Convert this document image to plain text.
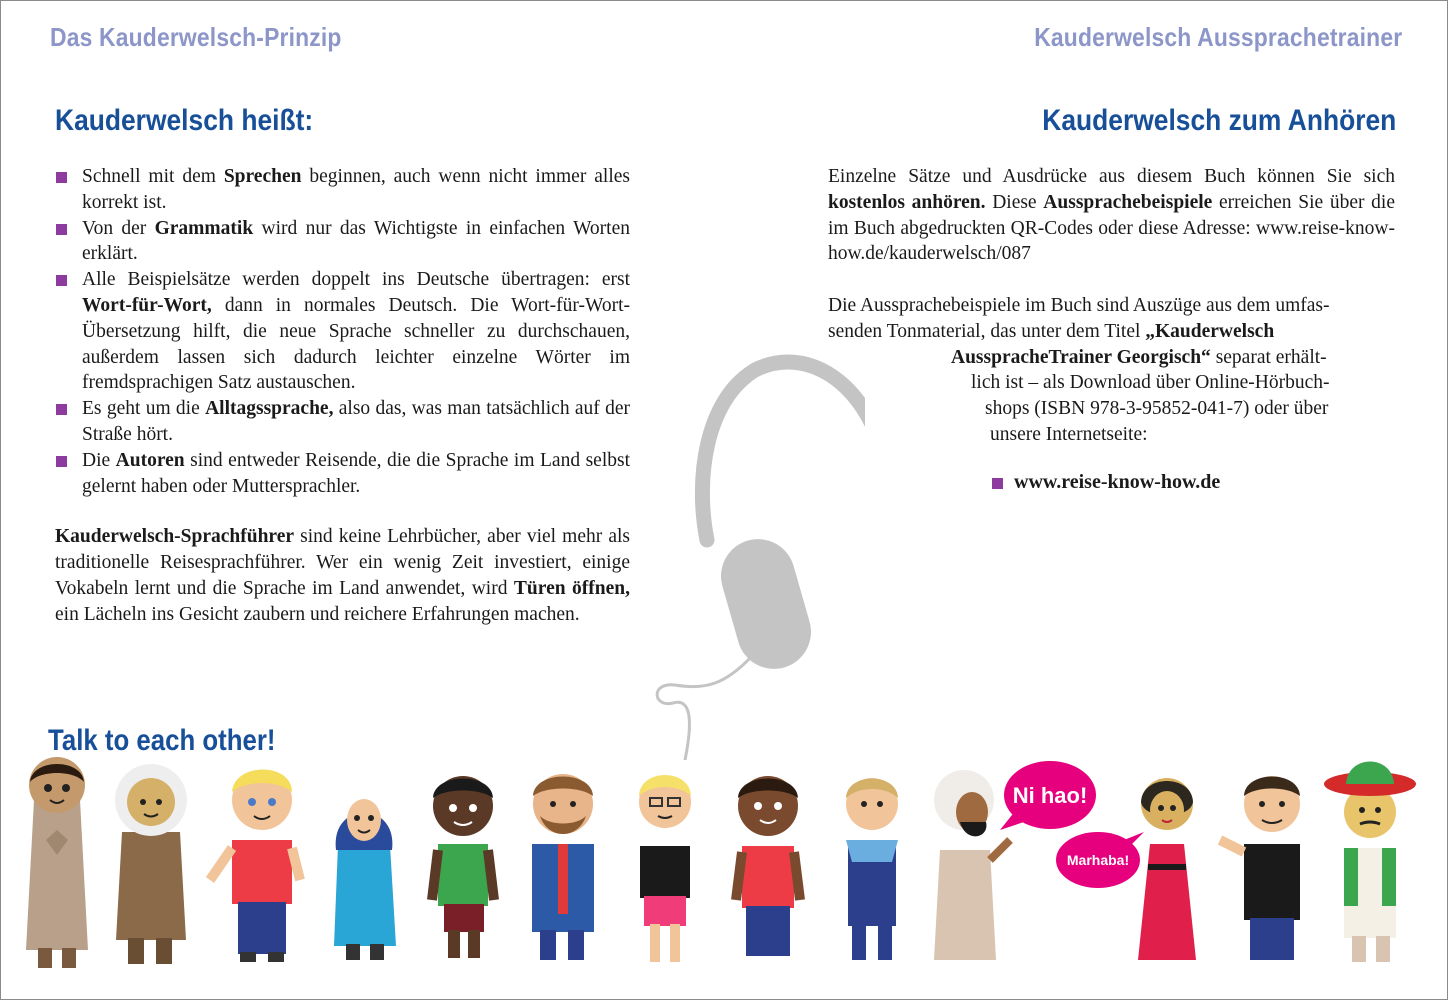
Das Kauderwelsch-Prinzip	Kauderwelsch Aussprachetrainer
Kauderwelsch heißt:	Kauderwelsch zum Anhören
Schnell mit dem Sprechen beginnen, auch wenn nicht immer alles korrekt ist.
Von der Grammatik wird nur das Wichtigste in einfachen Worten erklärt.
Alle Beispielsätze werden doppelt ins Deutsche übertragen: erst Wort-für-Wort, dann in normales Deutsch. Die Wort-für-Wort-Übersetzung hilft, die neue Sprache schneller zu durchschauen, außerdem lassen sich dadurch leichter einzelne Wörter im fremdsprachigen Satz austauschen.
Es geht um die Alltagssprache, also das, was man tatsächlich auf der Straße hört.
Die Autoren sind entweder Reisende, die die Sprache im Land selbst gelernt haben oder Muttersprachler.

Kauderwelsch-Sprachführer sind keine Lehrbücher, aber viel mehr als traditionelle Reisesprachführer. Wer ein wenig Zeit investiert, einige Vokabeln lernt und die Sprache im Land anwendet, wird Türen öffnen, ein Lächeln ins Gesicht zaubern und reichere Erfahrungen machen.

Einzelne Sätze und Ausdrücke aus diesem Buch können Sie sich kostenlos anhören. Diese Aussprachebeispiele erreichen Sie über die im Buch abgedruckten QR-Codes oder diese Adresse: www.reise-know-how.de/kauderwelsch/087

Die Aussprachebeispiele im Buch sind Auszüge aus dem umfas-
senden Tonmaterial, das unter dem Titel „Kauderwelsch
AusspracheTrainer Georgisch“ separat erhält-
lich ist – als Download über Online-Hörbuch-
shops (ISBN 978-3-95852-041-7) oder über
unsere Internetseite:
www.reise-know-how.de
Talk to each other!
Ni hao!
Marhaba!
